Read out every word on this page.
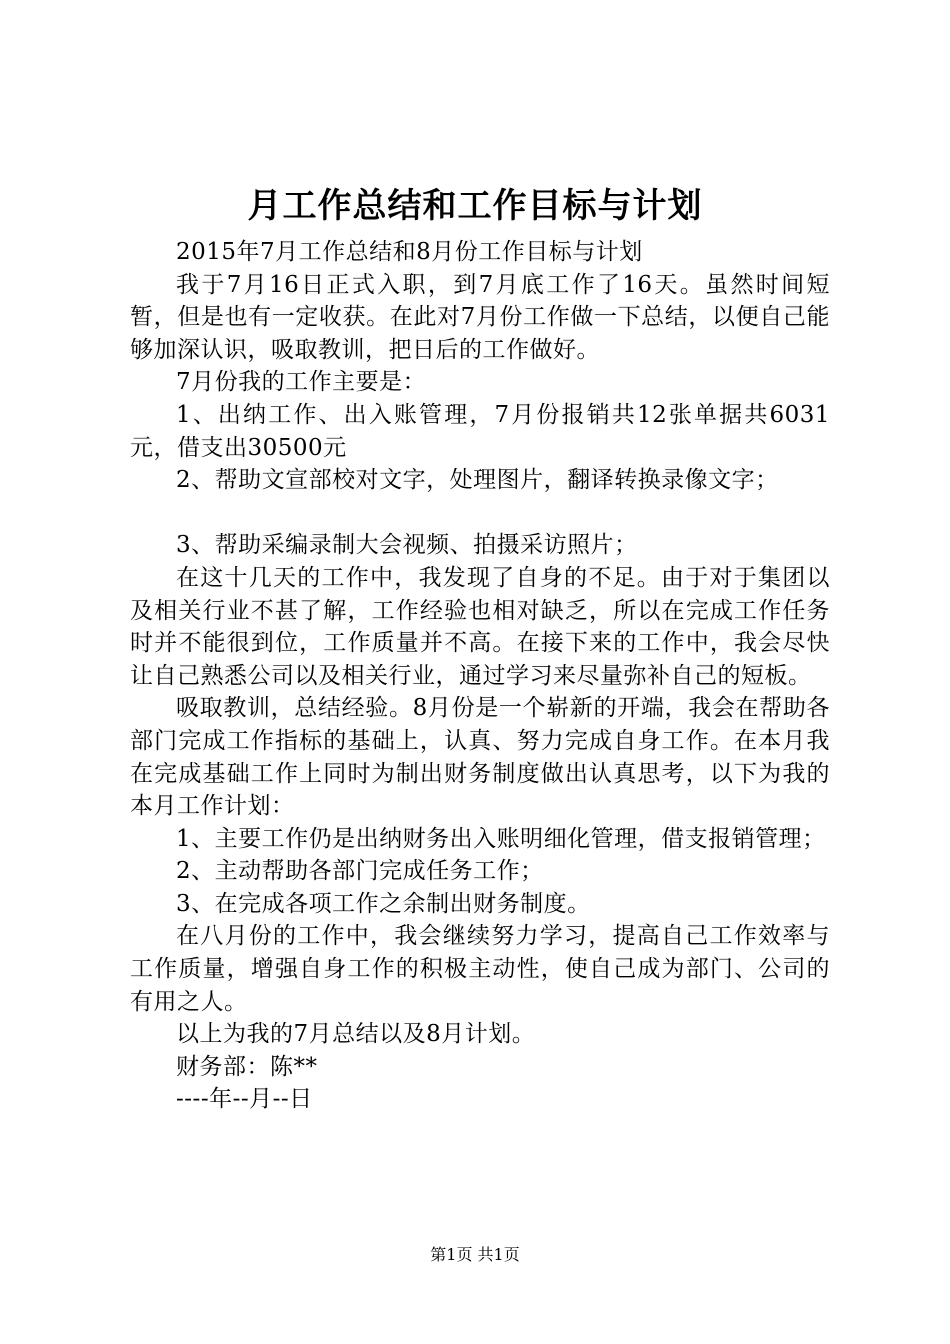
月工作总结和工作目标与计划

2015年7月工作总结和8月份工作目标与计划

我于7月16日正式入职，到7月底工作了16天。虽然时间短暂，但是也有一定收获。在此对7月份工作做一下总结，以便自己能够加深认识，吸取教训，把日后的工作做好。

7月份我的工作主要是：

1、出纳工作、出入账管理，7月份报销共12张单据共6031元，借支出30500元

2、帮助文宣部校对文字，处理图片，翻译转换录像文字；

3、帮助采编录制大会视频、拍摄采访照片；

在这十几天的工作中，我发现了自身的不足。由于对于集团以及相关行业不甚了解，工作经验也相对缺乏，所以在完成工作任务时并不能很到位，工作质量并不高。在接下来的工作中，我会尽快让自己熟悉公司以及相关行业，通过学习来尽量弥补自己的短板。

吸取教训，总结经验。8月份是一个崭新的开端，我会在帮助各部门完成工作指标的基础上，认真、努力完成自身工作。在本月我在完成基础工作上同时为制出财务制度做出认真思考，以下为我的本月工作计划：

1、主要工作仍是出纳财务出入账明细化管理，借支报销管理；

2、主动帮助各部门完成任务工作；

3、在完成各项工作之余制出财务制度。

在八月份的工作中，我会继续努力学习，提高自己工作效率与工作质量，增强自身工作的积极主动性，使自己成为部门、公司的有用之人。

以上为我的7月总结以及8月计划。

财务部：陈**

----年--月--日

第1页 共1页
